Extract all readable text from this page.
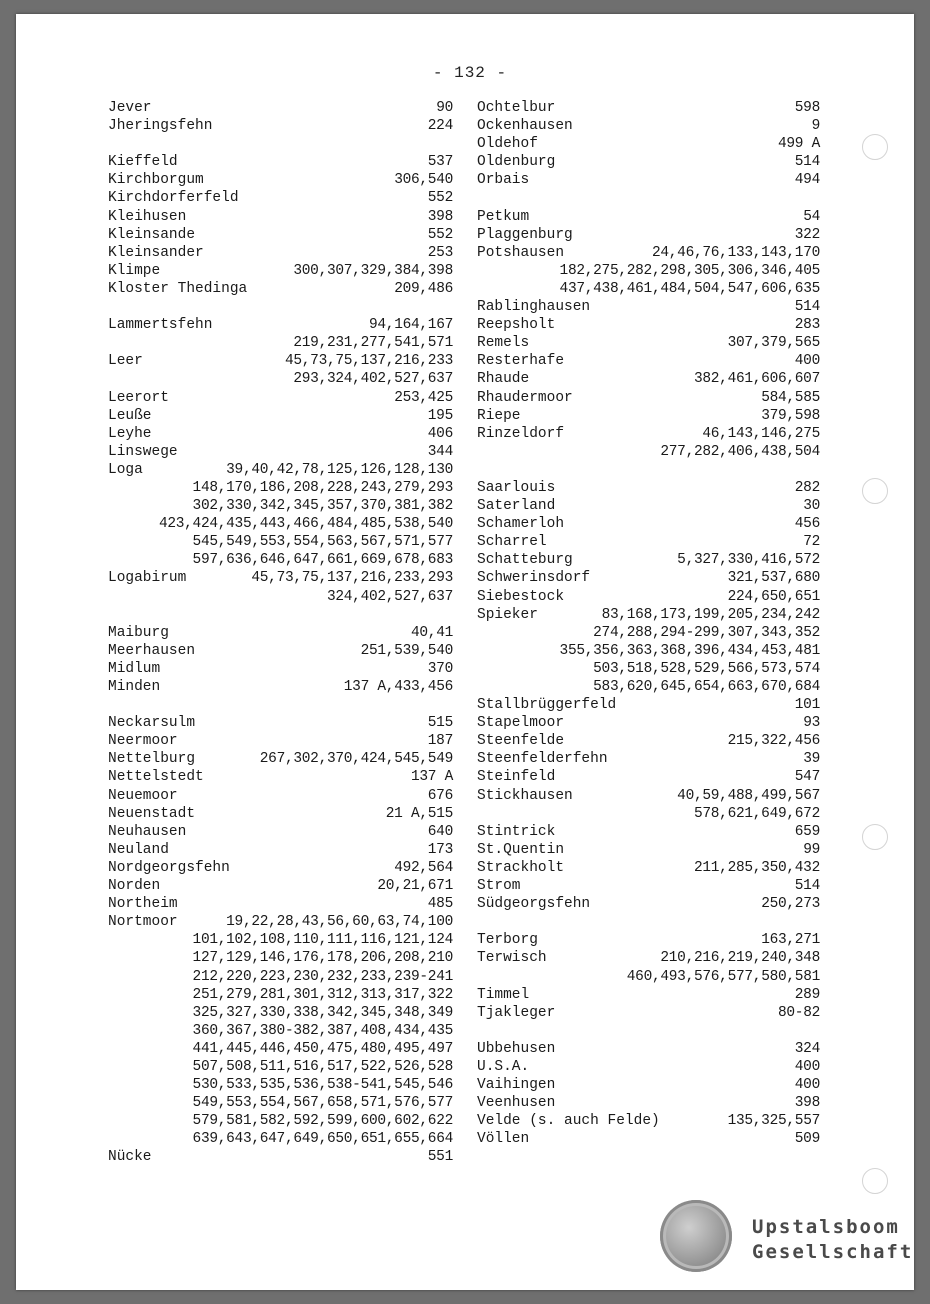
- 132 -
Jever	90
Jheringsfehn	224
Kieffeld	537
Kirchborgum	306,540
Kirchdorferfeld	552
Kleihusen	398
Kleinsande	552
Kleinsander	253
Klimpe	300,307,329,384,398
Kloster Thedinga	209,486
Lammertsfehn	94,164,167
219,231,277,541,571
Leer	45,73,75,137,216,233
293,324,402,527,637
Leerort	253,425
Leuße	195
Leyhe	406
Linswege	344
Loga	39,40,42,78,125,126,128,130
148,170,186,208,228,243,279,293
302,330,342,345,357,370,381,382
423,424,435,443,466,484,485,538,540
545,549,553,554,563,567,571,577
597,636,646,647,661,669,678,683
Logabirum	45,73,75,137,216,233,293
324,402,527,637
Maiburg	40,41
Meerhausen	251,539,540
Midlum	370
Minden	137 A,433,456
Neckarsulm	515
Neermoor	187
Nettelburg	267,302,370,424,545,549
Nettelstedt	137 A
Neuemoor	676
Neuenstadt	21 A,515
Neuhausen	640
Neuland	173
Nordgeorgsfehn	492,564
Norden	20,21,671
Northeim	485
Nortmoor	19,22,28,43,56,60,63,74,100
101,102,108,110,111,116,121,124
127,129,146,176,178,206,208,210
212,220,223,230,232,233,239-241
251,279,281,301,312,313,317,322
325,327,330,338,342,345,348,349
360,367,380-382,387,408,434,435
441,445,446,450,475,480,495,497
507,508,511,516,517,522,526,528
530,533,535,536,538-541,545,546
549,553,554,567,658,571,576,577
579,581,582,592,599,600,602,622
639,643,647,649,650,651,655,664
Nücke	551
Ochtelbur	598
Ockenhausen	9
Oldehof	499 A
Oldenburg	514
Orbais	494
Petkum	54
Plaggenburg	322
Potshausen	24,46,76,133,143,170
182,275,282,298,305,306,346,405
437,438,461,484,504,547,606,635
Rablinghausen	514
Reepsholt	283
Remels	307,379,565
Resterhafe	400
Rhaude	382,461,606,607
Rhaudermoor	584,585
Riepe	379,598
Rinzeldorf	46,143,146,275
277,282,406,438,504
Saarlouis	282
Saterland	30
Schamerloh	456
Scharrel	72
Schatteburg	5,327,330,416,572
Schwerinsdorf	321,537,680
Siebestock	224,650,651
Spieker	83,168,173,199,205,234,242
274,288,294-299,307,343,352
355,356,363,368,396,434,453,481
503,518,528,529,566,573,574
583,620,645,654,663,670,684
Stallbrüggerfeld	101
Stapelmoor	93
Steenfelde	215,322,456
Steenfelderfehn	39
Steinfeld	547
Stickhausen	40,59,488,499,567
578,621,649,672
Stintrick	659
St.Quentin	99
Strackholt	211,285,350,432
Strom	514
Südgeorgsfehn	250,273
Terborg	163,271
Terwisch	210,216,219,240,348
460,493,576,577,580,581
Timmel	289
Tjakleger	80-82
Ubbehusen	324
U.S.A.	400
Vaihingen	400
Veenhusen	398
Velde (s. auch Felde)	135,325,557
Völlen	509
Upstalsboom
Gesellschaft
